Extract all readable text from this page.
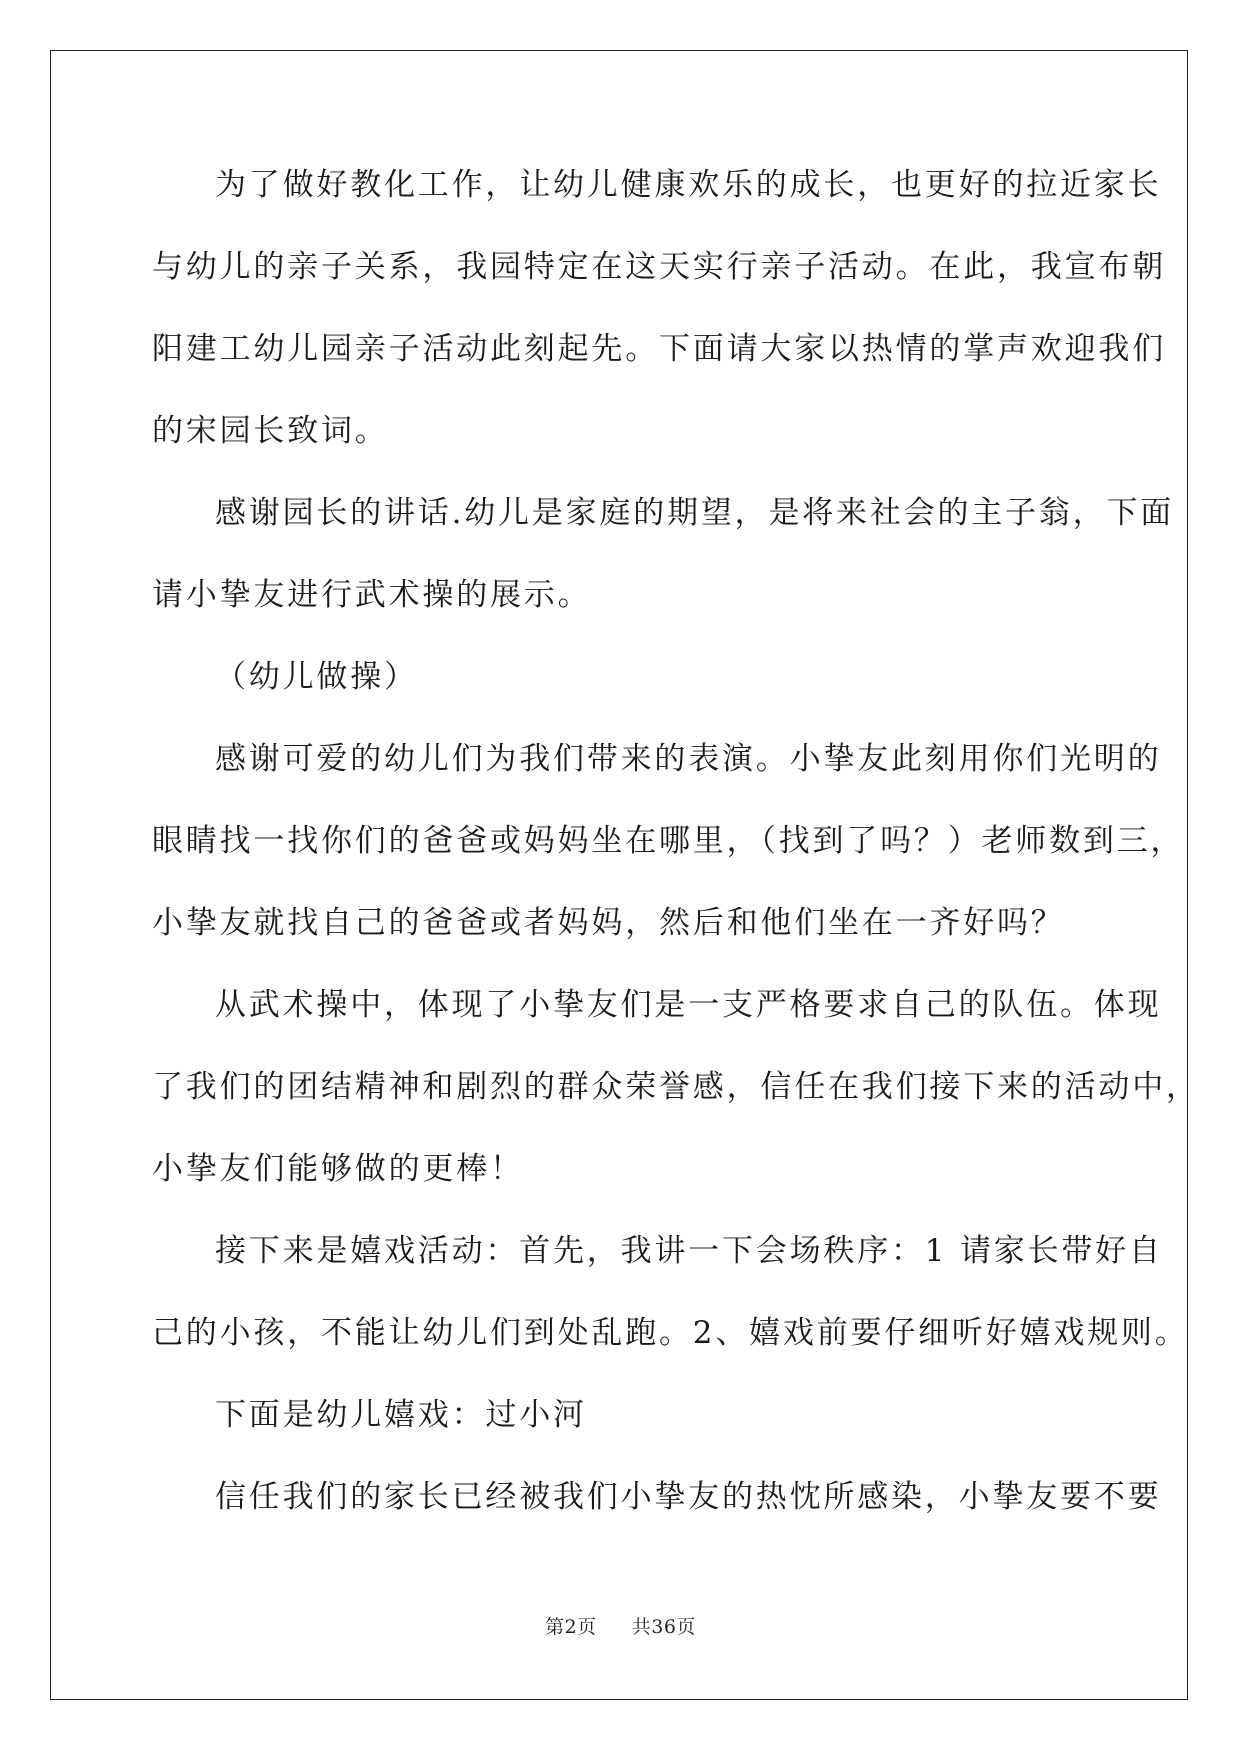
为了做好教化工作，让幼儿健康欢乐的成长，也更好的拉近家长
与幼儿的亲子关系，我园特定在这天实行亲子活动。在此，我宣布朝
阳建工幼儿园亲子活动此刻起先。下面请大家以热情的掌声欢迎我们
的宋园长致词。
感谢园长的讲话.幼儿是家庭的期望，是将来社会的主子翁，下面
请小挚友进行武术操的展示。
（幼儿做操）
感谢可爱的幼儿们为我们带来的表演。小挚友此刻用你们光明的
眼睛找一找你们的爸爸或妈妈坐在哪里，（找到了吗？）老师数到三，
小挚友就找自己的爸爸或者妈妈，然后和他们坐在一齐好吗？
从武术操中，体现了小挚友们是一支严格要求自己的队伍。体现
了我们的团结精神和剧烈的群众荣誉感，信任在我们接下来的活动中，
小挚友们能够做的更棒！
接下来是嬉戏活动：首先，我讲一下会场秩序：1 请家长带好自
己的小孩，不能让幼儿们到处乱跑。2、嬉戏前要仔细听好嬉戏规则。
下面是幼儿嬉戏：过小河
信任我们的家长已经被我们小挚友的热忱所感染，小挚友要不要
第2页 共36页
